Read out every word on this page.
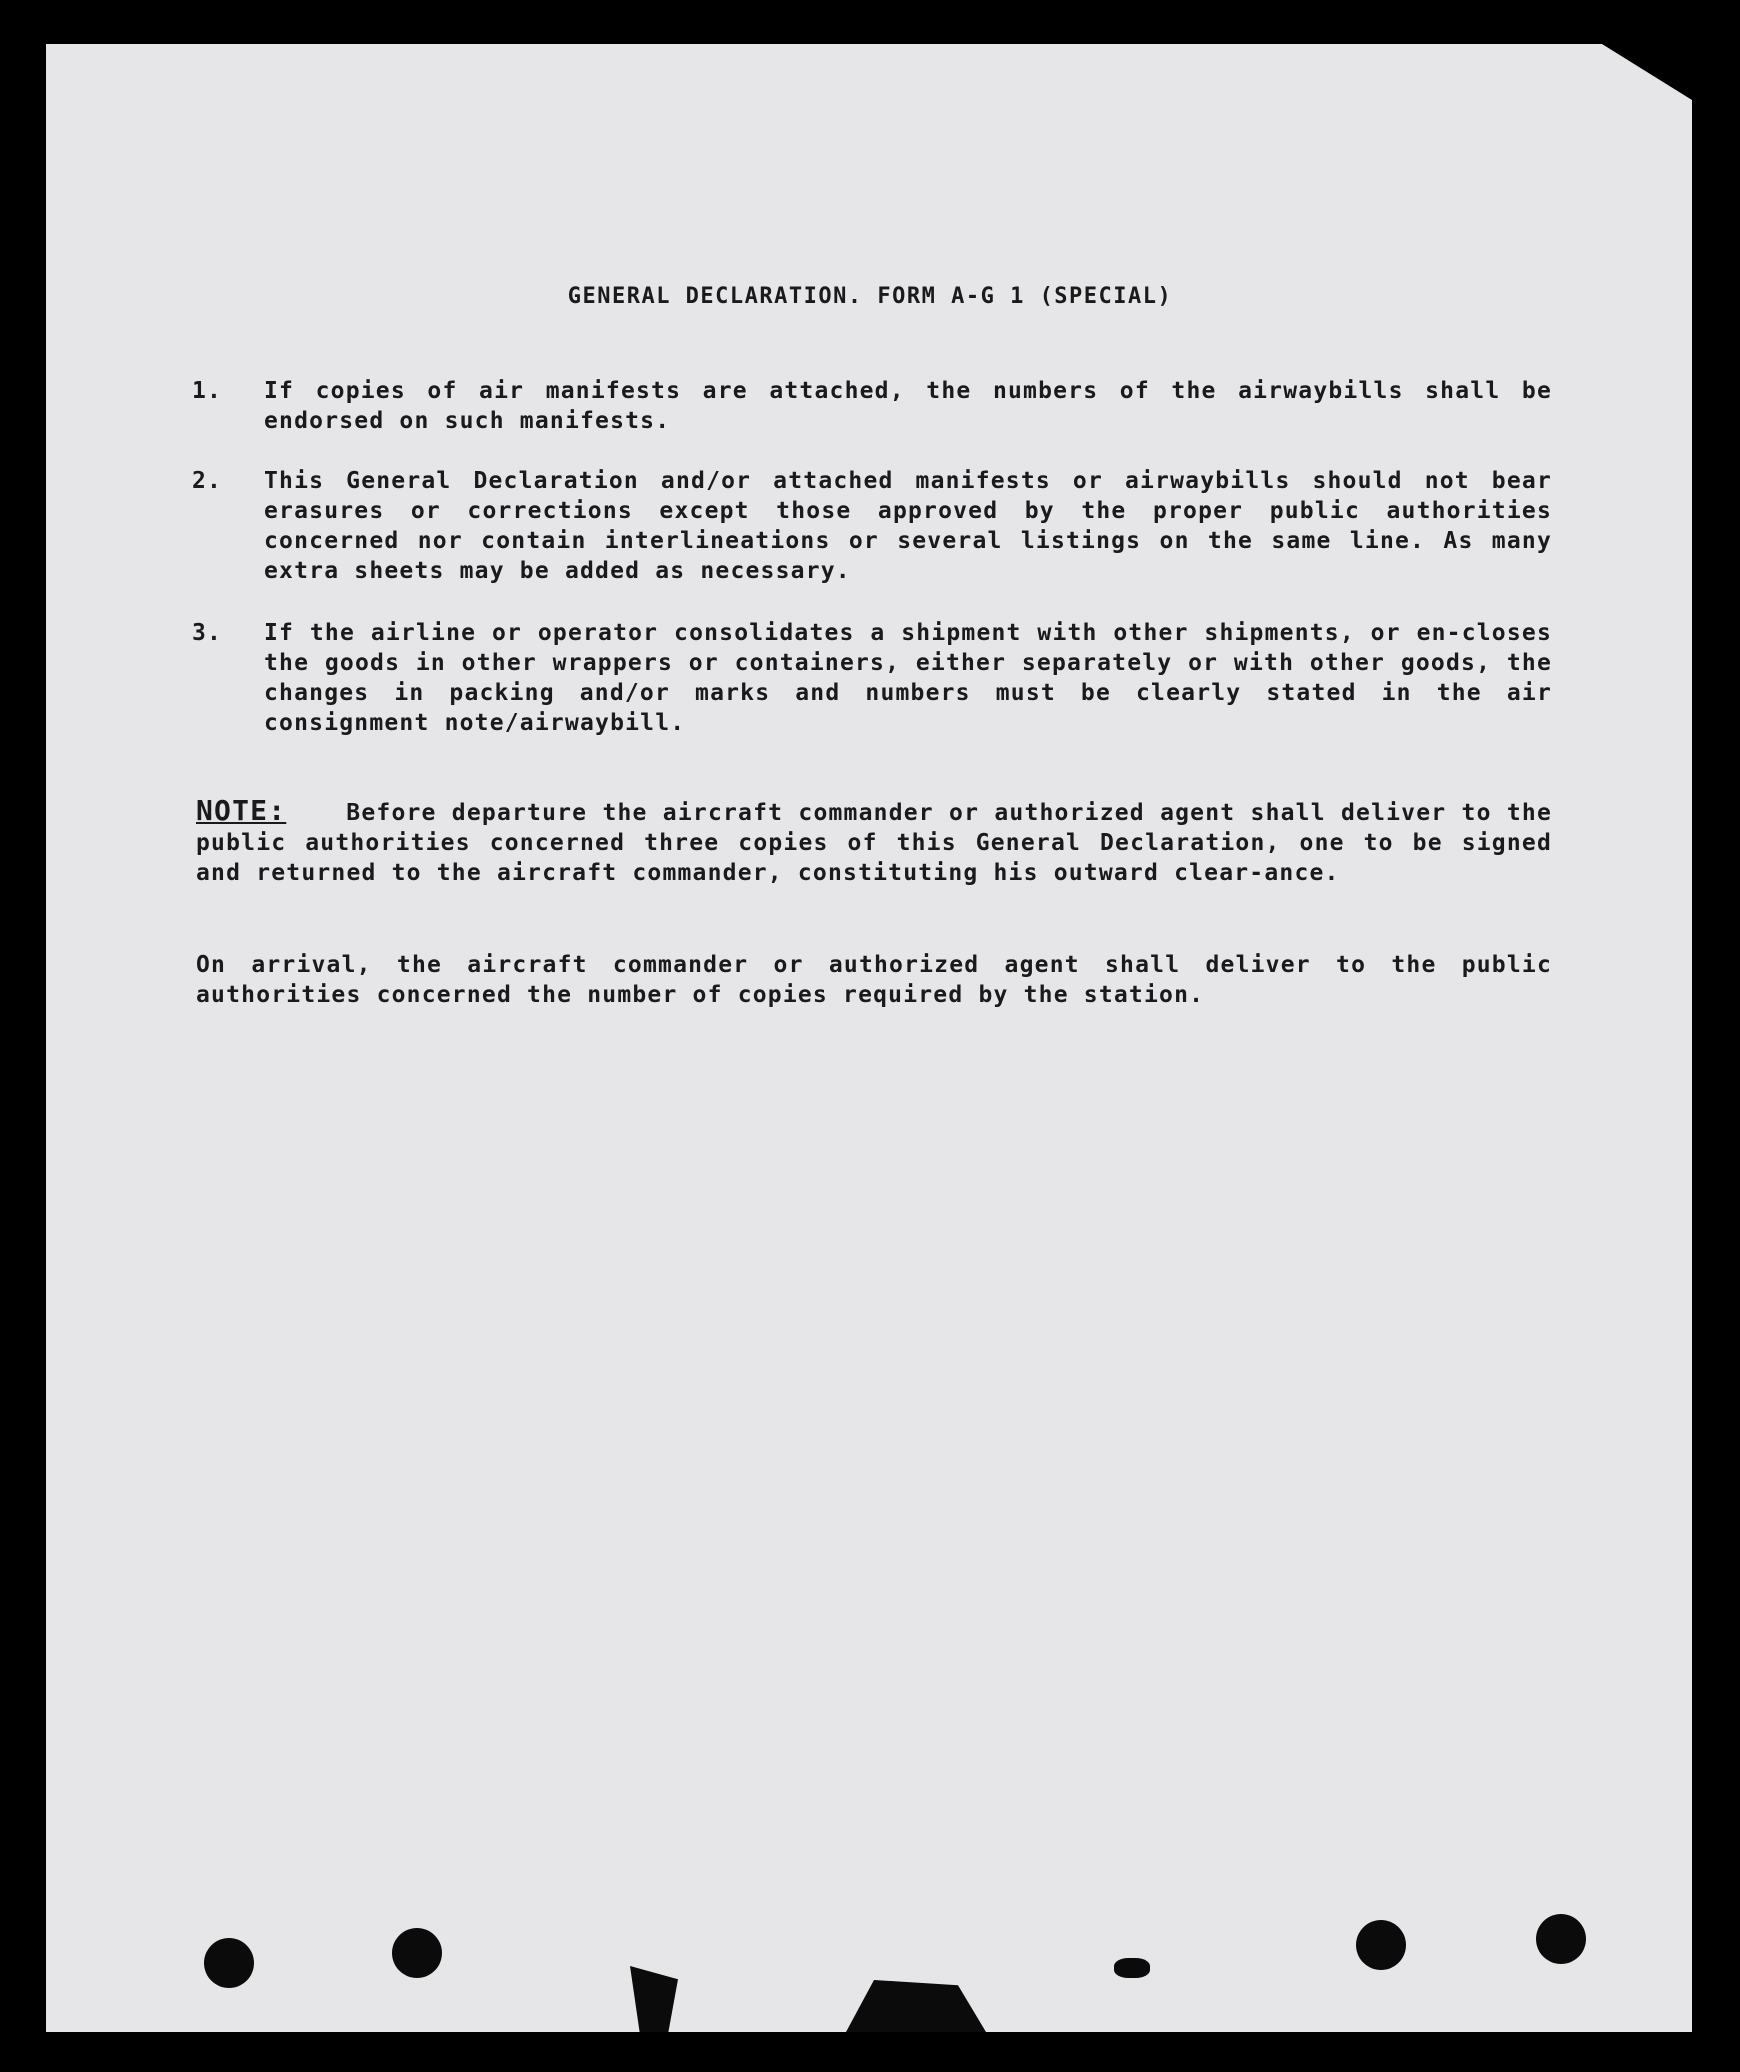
GENERAL DECLARATION. FORM A-G 1 (SPECIAL)
1.	If copies of air manifests are attached, the numbers of the airwaybills shall be endorsed on such manifests.
2.	This General Declaration and/or attached manifests or airwaybills should not bear erasures or corrections except those approved by the proper public authorities concerned nor contain interlineations or several listings on the same line. As many extra sheets may be added as necessary.
3.	If the airline or operator consolidates a shipment with other shipments, or en-closes the goods in other wrappers or containers, either separately or with other goods, the changes in packing and/or marks and numbers must be clearly stated in the air consignment note/airwaybill.
NOTE:	Before departure the aircraft commander or authorized agent shall deliver to the public authorities concerned three copies of this General Declaration, one to be signed and returned to the aircraft commander, constituting his outward clear-ance.
On arrival, the aircraft commander or authorized agent shall deliver to the public authorities concerned the number of copies required by the station.
